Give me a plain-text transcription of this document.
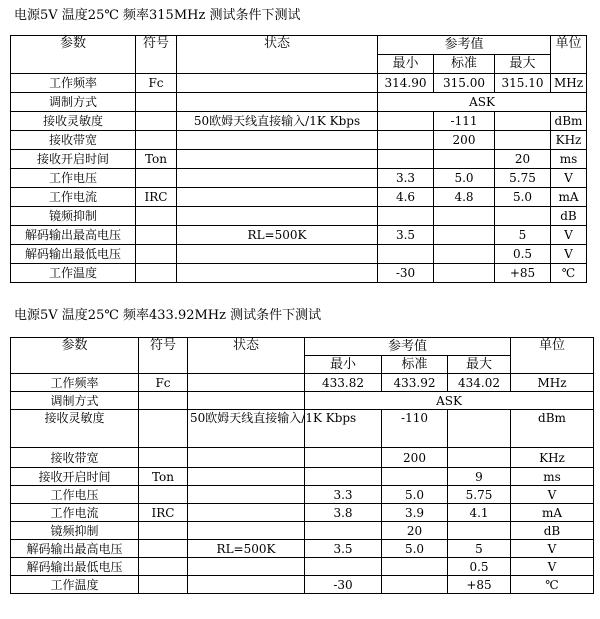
电源5V 温度25℃ 频率315MHz 测试条件下测试
参数	符号	状态	参考值			单位
			最小	标准	最大	
工作频率	Fc		314.90	315.00	315.10	MHz
调制方式			ASK			
接收灵敏度		50欧姆天线直接输入/1K Kbps		-111		dBm
接收带宽				200		KHz
接收开启时间	Ton				20	ms
工作电压			3.3	5.0	5.75	V
工作电流	IRC		4.6	4.8	5.0	mA
镜频抑制						dB
解码输出最高电压		RL=500K	3.5		5	V
解码输出最低电压					0.5	V
工作温度			-30		+85	℃
电源5V 温度25℃ 频率433.92MHz 测试条件下测试
参数	符号	状态	参考值			单位
			最小	标准	最大	
工作频率	Fc		433.82	433.92	434.02	MHz
调制方式			ASK			
接收灵敏度		50欧姆天线直接输入/1K Kbps		-110		dBm
接收带宽				200		KHz
接收开启时间	Ton				9	ms
工作电压			3.3	5.0	5.75	V
工作电流	IRC		3.8	3.9	4.1	mA
镜频抑制				20		dB
解码输出最高电压		RL=500K	3.5	5.0	5	V
解码输出最低电压					0.5	V
工作温度			-30		+85	℃
